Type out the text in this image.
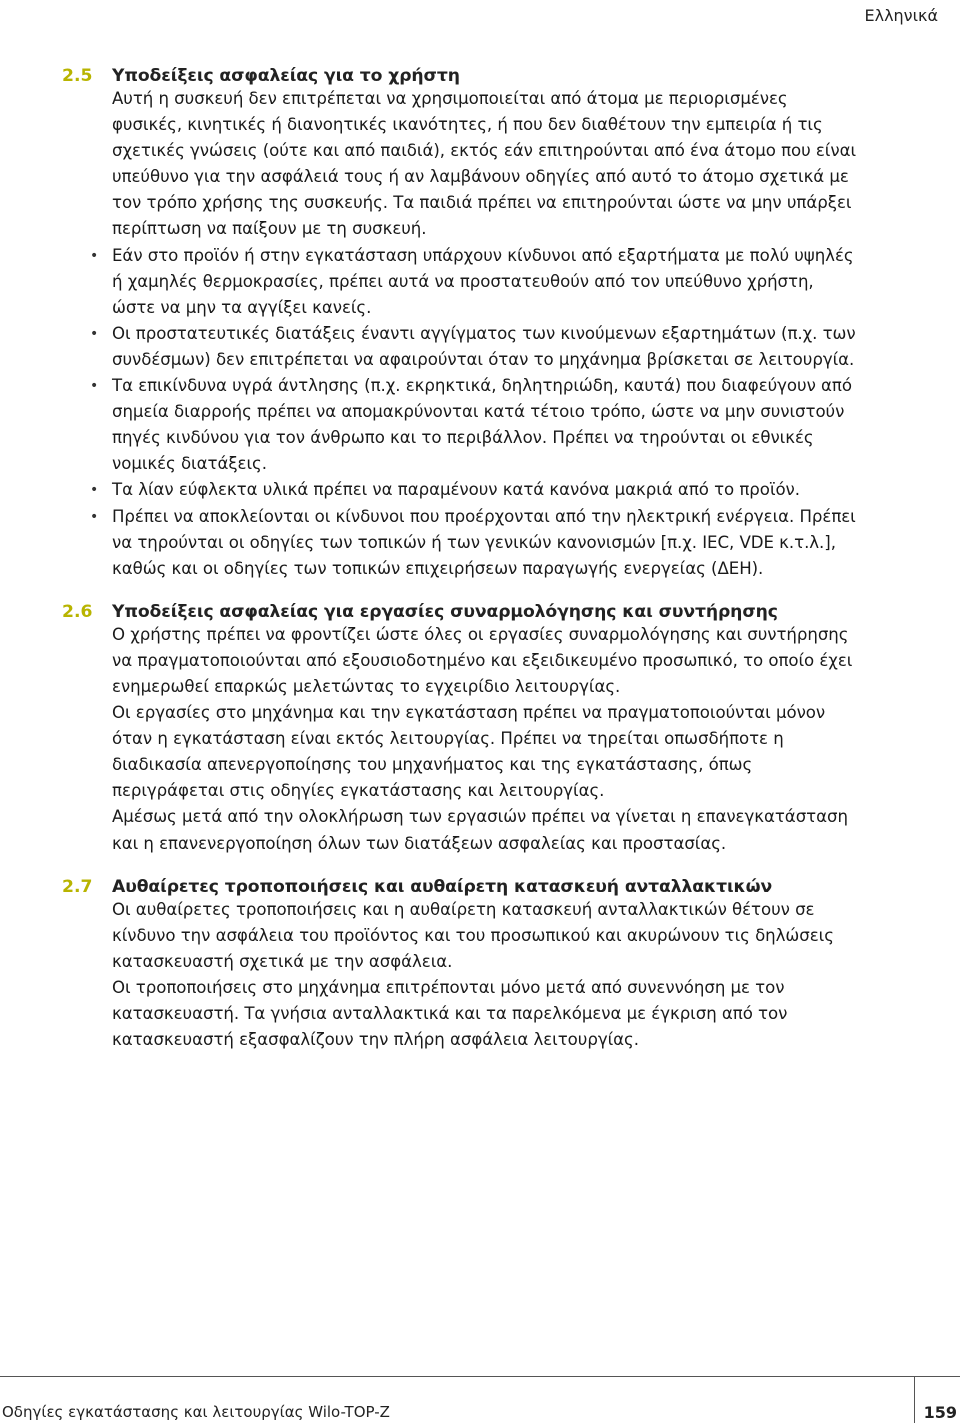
Ελληνικά
2.5	Υποδείξεις ασφαλείας για το χρήστη

Αυτή η συσκευή δεν επιτρέπεται να χρησιμοποιείται από άτομα με περιορισμένες φυσικές, κινητικές ή διανοητικές ικανότητες, ή που δεν διαθέτουν την εμπειρία ή τις σχετικές γνώσεις (ούτε και από παιδιά), εκτός εάν επιτηρούνται από ένα άτομο που είναι υπεύθυνο για την ασφάλειά τους ή αν λαμβάνουν οδηγίες από αυτό το άτομο σχετικά με τον τρόπο χρήσης της συσκευής. Τα παιδιά πρέπει να επιτηρούνται ώστε να μην υπάρξει περίπτωση να παίξουν με τη συσκευή.

• Εάν στο προϊόν ή στην εγκατάσταση υπάρχουν κίνδυνοι από εξαρτήματα με πολύ υψηλές ή χαμηλές θερμοκρασίες, πρέπει αυτά να προστατευθούν από τον υπεύθυνο χρήστη, ώστε να μην τα αγγίξει κανείς.
• Οι προστατευτικές διατάξεις έναντι αγγίγματος των κινούμενων εξαρτημάτων (π.χ. των συνδέσμων) δεν επιτρέπεται να αφαιρούνται όταν το μηχάνημα βρίσκεται σε λειτουργία.
• Τα επικίνδυνα υγρά άντλησης (π.χ. εκρηκτικά, δηλητηριώδη, καυτά) που διαφεύγουν από σημεία διαρροής πρέπει να απομακρύνονται κατά τέτοιο τρόπο, ώστε να μην συνιστούν πηγές κινδύνου για τον άνθρωπο και το περιβάλλον. Πρέπει να τηρούνται οι εθνικές νομικές διατάξεις.
• Τα λίαν εύφλεκτα υλικά πρέπει να παραμένουν κατά κανόνα μακριά από το προϊόν.
• Πρέπει να αποκλείονται οι κίνδυνοι που προέρχονται από την ηλεκτρική ενέργεια. Πρέπει να τηρούνται οι οδηγίες των τοπικών ή των γενικών κανονισμών [π.χ. IEC, VDE κ.τ.λ.], καθώς και οι οδηγίες των τοπικών επιχειρήσεων παραγωγής ενεργείας (ΔΕΗ).
2.6	Υποδείξεις ασφαλείας για εργασίες συναρμολόγησης και συντήρησης

Ο χρήστης πρέπει να φροντίζει ώστε όλες οι εργασίες συναρμολόγησης και συντήρησης να πραγματοποιούνται από εξουσιοδοτημένο και εξειδικευμένο προσωπικό, το οποίο έχει ενημερωθεί επαρκώς μελετώντας το εγχειρίδιο λειτουργίας.

Οι εργασίες στο μηχάνημα και την εγκατάσταση πρέπει να πραγματοποιούνται μόνον όταν η εγκατάσταση είναι εκτός λειτουργίας. Πρέπει να τηρείται οπωσδήποτε η διαδικασία απενεργοποίησης του μηχανήματος και της εγκατάστασης, όπως περιγράφεται στις οδηγίες εγκατάστασης και λειτουργίας.

Αμέσως μετά από την ολοκλήρωση των εργασιών πρέπει να γίνεται η επανεγκατάσταση και η επανενεργοποίηση όλων των διατάξεων ασφαλείας και προστασίας.

2.7	Αυθαίρετες τροποποιήσεις και αυθαίρετη κατασκευή ανταλλακτικών

Οι αυθαίρετες τροποποιήσεις και η αυθαίρετη κατασκευή ανταλλακτικών θέτουν σε κίνδυνο την ασφάλεια του προϊόντος και του προσωπικού και ακυρώνουν τις δηλώσεις κατασκευαστή σχετικά με την ασφάλεια.

Οι τροποποιήσεις στο μηχάνημα επιτρέπονται μόνο μετά από συνεννόηση με τον κατασκευαστή. Τα γνήσια ανταλλακτικά και τα παρελκόμενα με έγκριση από τον κατασκευαστή εξασφαλίζουν την πλήρη ασφάλεια λειτουργίας.

Οδηγίες εγκατάστασης και λειτουργίας Wilo-TOP-Z	159
